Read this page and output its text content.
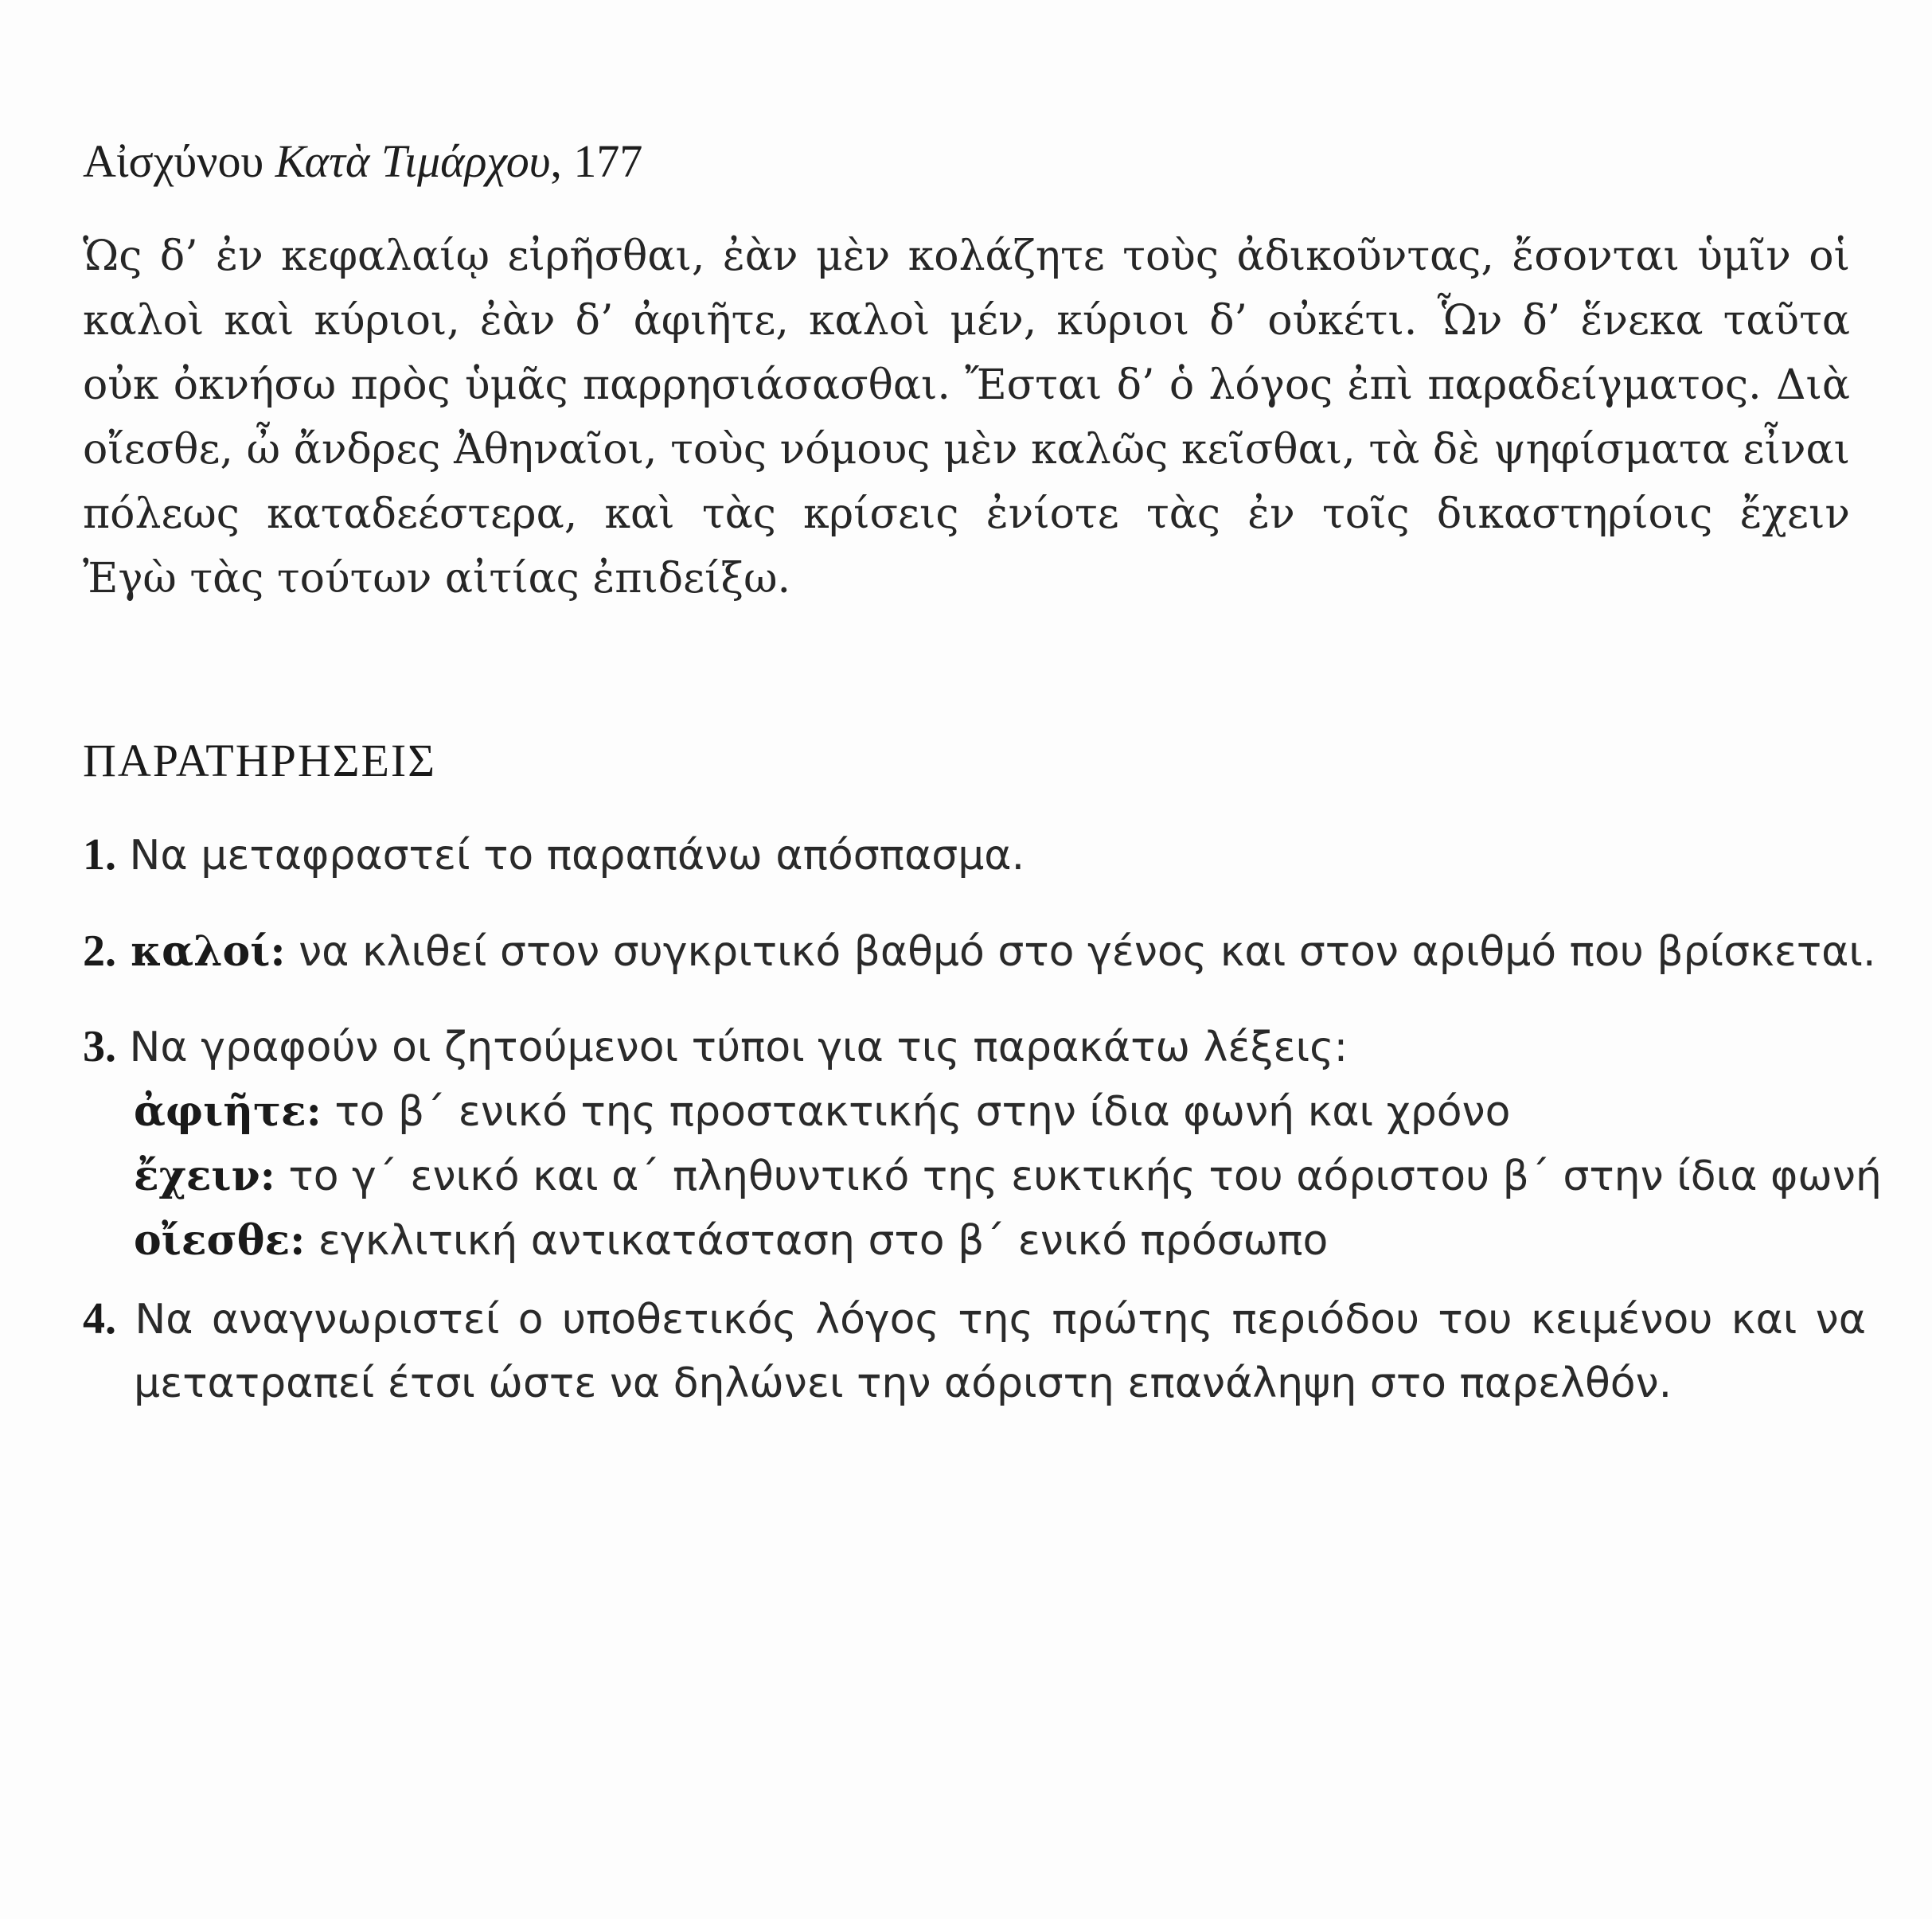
Αἰσχύνου Κατὰ Τιμάρχου, 177
Ὡς δ’ ἐν κεφαλαίῳ εἰρῆσθαι, ἐὰν μὲν κολάζητε τοὺς ἀδικοῦντας, ἔσονται ὑμῖν οἱ
καλοὶ καὶ κύριοι, ἐὰν δ’ ἀφιῆτε, καλοὶ μέν, κύριοι δ’ οὐκέτι. Ὧν δ’ ἕνεκα ταῦτα
οὐκ ὀκνήσω πρὸς ὑμᾶς παρρησιάσασθαι. Ἔσται δ’ ὁ λόγος ἐπὶ παραδείγματος. Διὰ
οἴεσθε, ὦ ἄνδρες Ἀθηναῖοι, τοὺς νόμους μὲν καλῶς κεῖσθαι, τὰ δὲ ψηφίσματα εἶναι
πόλεως καταδεέστερα, καὶ τὰς κρίσεις ἐνίοτε τὰς ἐν τοῖς δικαστηρίοις ἔχειν
Ἐγὼ τὰς τούτων αἰτίας ἐπιδείξω.
ΠΑΡΑΤΗΡΗΣΕΙΣ
1. Να μεταφραστεί το παραπάνω απόσπασμα.
2. καλοί: να κλιθεί στον συγκριτικό βαθμό στο γένος και στον αριθμό που βρίσκεται.
3. Να γραφούν οι ζητούμενοι τύποι για τις παρακάτω λέξεις:
ἀφιῆτε: το β΄ ενικό της προστακτικής στην ίδια φωνή και χρόνο
ἔχειν: το γ΄ ενικό και α΄ πληθυντικό της ευκτικής του αόριστου β΄ στην ίδια φωνή
οἴεσθε: εγκλιτική αντικατάσταση στο β΄ ενικό πρόσωπο
4. Να αναγνωριστεί ο υποθετικός λόγος της πρώτης περιόδου του κειμένου και να
μετατραπεί έτσι ώστε να δηλώνει την αόριστη επανάληψη στο παρελθόν.
